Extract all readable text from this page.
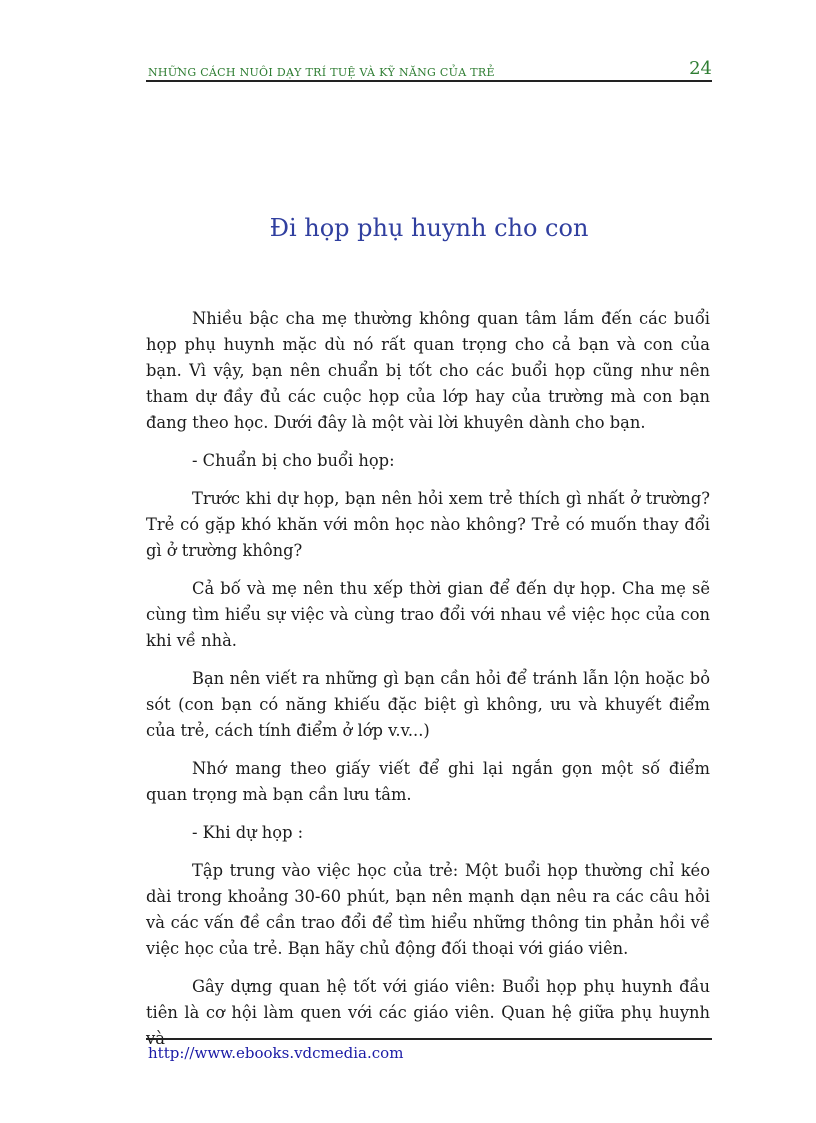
NHỮNG CÁCH NUÔI DẠY TRÍ TUỆ VÀ KỸ NĂNG CỦA TRẺ	24
Đi họp phụ huynh cho con

Nhiều bậc cha mẹ thường không quan tâm lắm đến các buổi họp phụ huynh mặc dù nó rất quan trọng cho cả bạn và con của bạn. Vì vậy, bạn nên chuẩn bị tốt cho các buổi họp cũng như nên tham dự đầy đủ các cuộc họp của lớp hay của trường mà con bạn đang theo học. Dưới đây là một vài lời khuyên dành cho bạn.

- Chuẩn bị cho buổi họp:

Trước khi dự họp, bạn nên hỏi xem trẻ thích gì nhất ở trường? Trẻ có gặp khó khăn với môn học nào không? Trẻ có muốn thay đổi gì ở trường không?

Cả bố và mẹ nên thu xếp thời gian để đến dự họp. Cha mẹ sẽ cùng tìm hiểu sự việc và cùng trao đổi với nhau về việc học của con khi về nhà.

Bạn nên viết ra những gì bạn cần hỏi để tránh lẫn lộn hoặc bỏ sót (con bạn có năng khiếu đặc biệt gì không, ưu và khuyết điểm của trẻ, cách tính điểm ở lớp v.v...)

Nhớ mang theo giấy viết để ghi lại ngắn gọn một số điểm quan trọng mà bạn cần lưu tâm.

- Khi dự họp :

Tập trung vào việc học của trẻ: Một buổi họp thường chỉ kéo dài trong khoảng 30-60 phút, bạn nên mạnh dạn nêu ra các câu hỏi và các vấn đề cần trao đổi để tìm hiểu những thông tin phản hồi về việc học của trẻ. Bạn hãy chủ động đối thoại với giáo viên.

Gây dựng quan hệ tốt với giáo viên: Buổi họp phụ huynh đầu tiên là cơ hội làm quen với các giáo viên. Quan hệ giữa phụ huynh và

http://www.ebooks.vdcmedia.com
